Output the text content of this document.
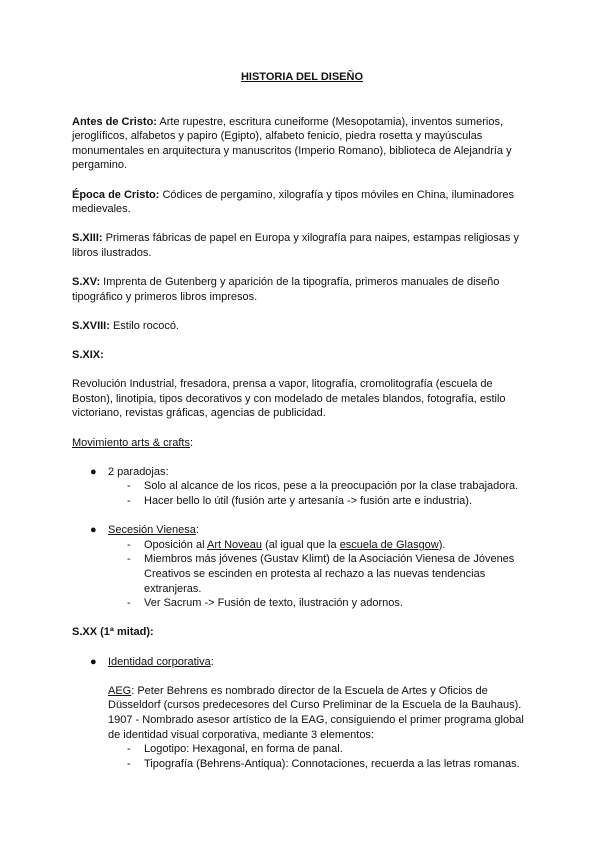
HISTORIA DEL DISEÑO

Antes de Cristo: Arte rupestre, escritura cuneiforme (Mesopotamia), inventos sumerios, jeroglíficos, alfabetos y papiro (Egipto), alfabeto fenicio, piedra rosetta y mayúsculas monumentales en arquitectura y manuscritos (Imperio Romano), biblioteca de Alejandría y pergamino.

Época de Cristo: Códices de pergamino, xilografía y tipos móviles en China, iluminadores medievales.

S.XIII: Primeras fábricas de papel en Europa y xilografía para naipes, estampas religiosas y libros ilustrados.

S.XV: Imprenta de Gutenberg y aparición de la tipografía, primeros manuales de diseño tipográfico y primeros libros impresos.

S.XVIII: Estilo rococó.

S.XIX:

Revolución Industrial, fresadora, prensa a vapor, litografía, cromolitografía (escuela de Boston), linotipia, tipos decorativos y con modelado de metales blandos, fotografía, estilo victoriano, revistas gráficas, agencias de publicidad.

Movimiento arts & crafts:

● 2 paradojas:
- Solo al alcance de los ricos, pese a la preocupación por la clase trabajadora.
- Hacer bello lo útil (fusión arte y artesanía -> fusión arte e industria).
● Secesión Vienesa:
- Oposición al Art Noveau (al igual que la escuela de Glasgow).
- Miembros más jóvenes (Gustav Klimt) de la Asociación Vienesa de Jóvenes Creativos se escinden en protesta al rechazo a las nuevas tendencias extranjeras.
- Ver Sacrum -> Fusión de texto, ilustración y adornos.

S.XX (1ª mitad):

● Identidad corporativa:
AEG: Peter Behrens es nombrado director de la Escuela de Artes y Oficios de Düsseldorf (cursos predecesores del Curso Preliminar de la Escuela de la Bauhaus). 1907 - Nombrado asesor artístico de la EAG, consiguiendo el primer programa global de identidad visual corporativa, mediante 3 elementos:
- Logotipo: Hexagonal, en forma de panal.
- Tipografía (Behrens-Antiqua): Connotaciones, recuerda a las letras romanas.
